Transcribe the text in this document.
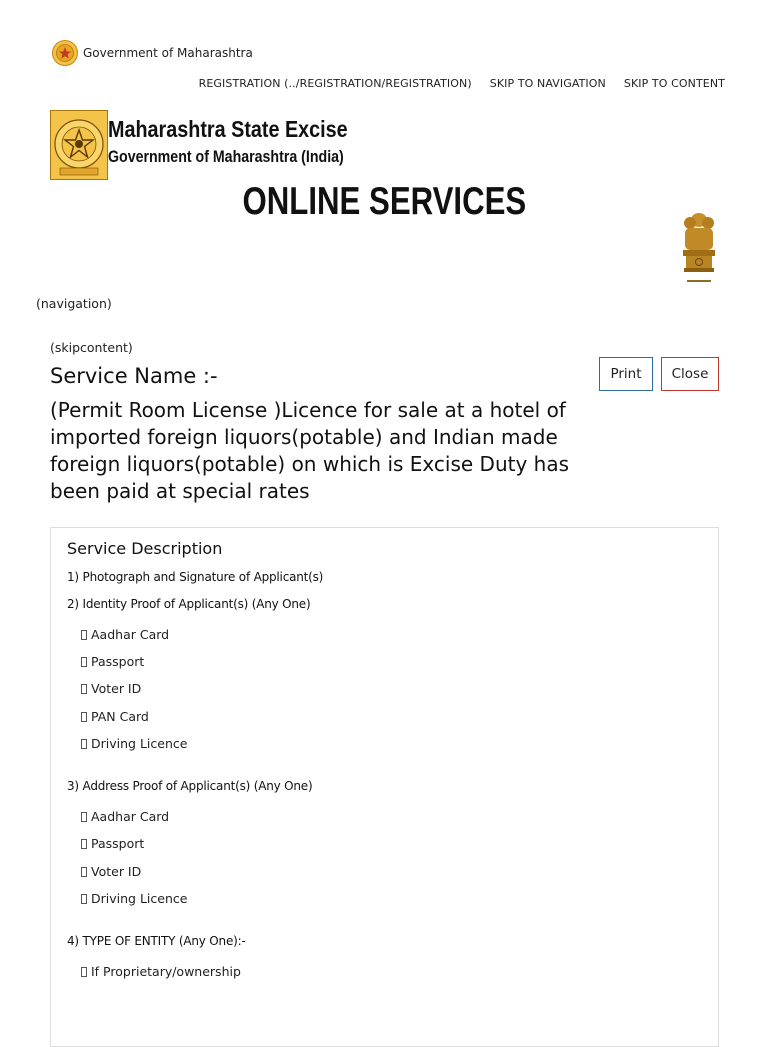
Government of Maharashtra
REGISTRATION (../REGISTRATION/REGISTRATION) SKIP TO NAVIGATION SKIP TO CONTENT
Maharashtra State Excise
Government of Maharashtra (India)
ONLINE SERVICES
(navigation)
(skipcontent)
Service Name :-
(Permit Room License )Licence for sale at a hotel of imported foreign liquors(potable) and Indian made foreign liquors(potable) on which is Excise Duty has been paid at special rates
Print	Close
Service Description
1) Photograph and Signature of Applicant(s)
2) Identity Proof of Applicant(s) (Any One)
Aadhar Card
Passport
Voter ID
PAN Card
Driving Licence
3) Address Proof of Applicant(s) (Any One)
Aadhar Card
Passport
Voter ID
Driving Licence
4) TYPE OF ENTITY (Any One):-
If Proprietary/ownership
